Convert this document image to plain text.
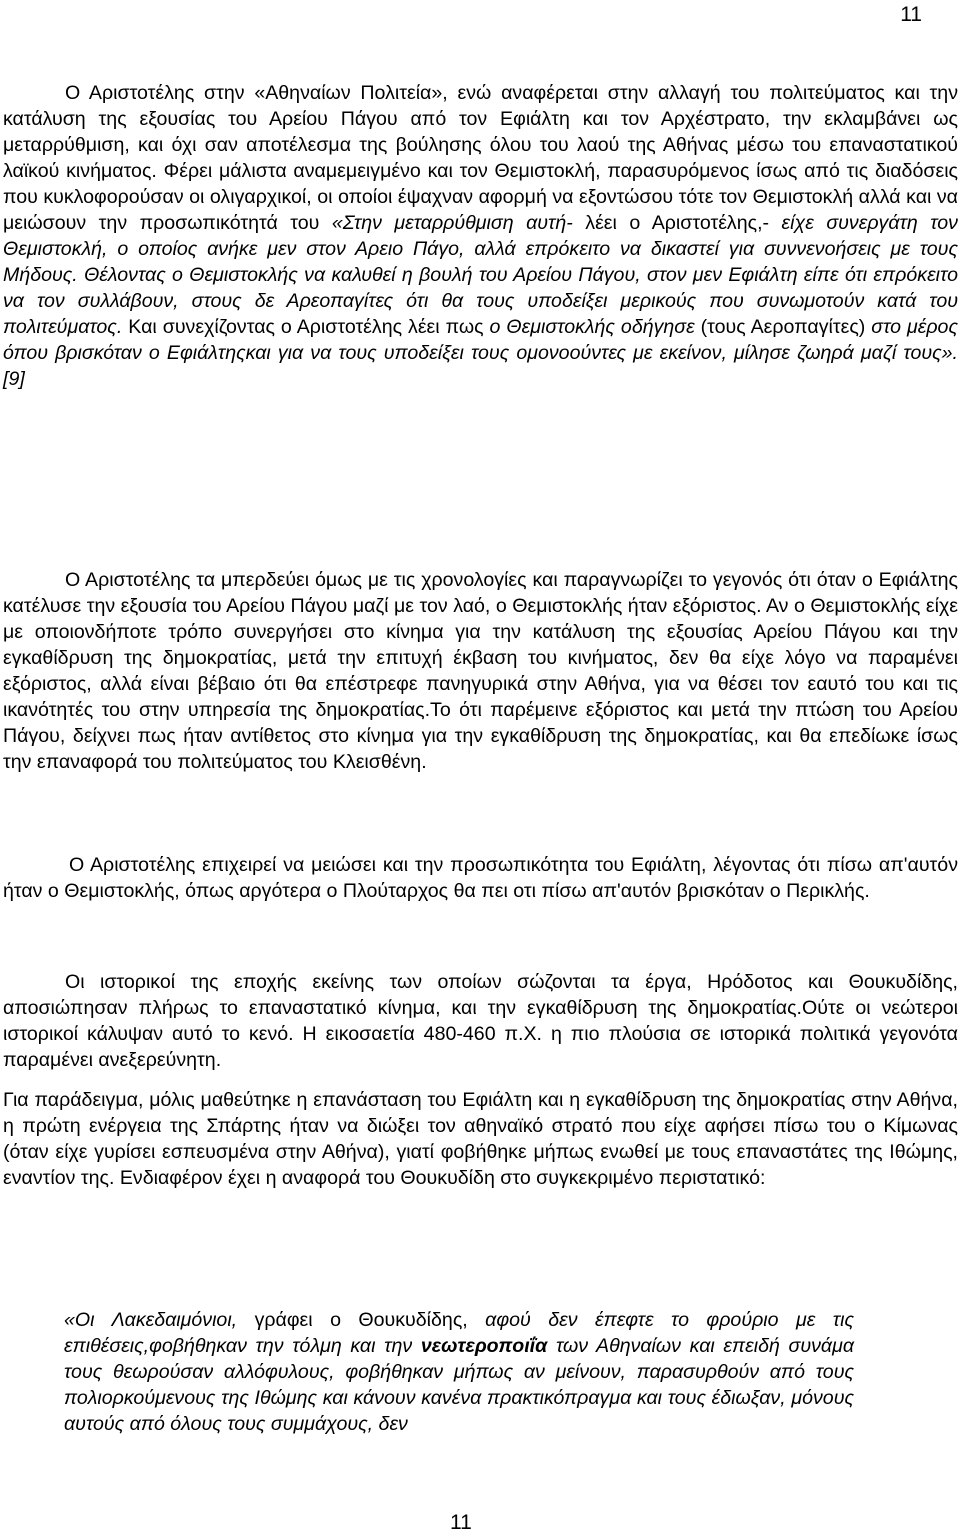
11

Ο Αριστοτέλης στην «Αθηναίων Πολιτεία», ενώ αναφέρεται στην αλλαγή του πολιτεύματος και την κατάλυση της εξουσίας του Αρείου Πάγου από τον Εφιάλτη και τον Αρχέστρατο, την εκλαμβάνει ως μεταρρύθμιση, και όχι σαν αποτέλεσμα της βούλησης όλου του λαού της Αθήνας μέσω του επαναστατικού λαϊκού κινήματος. Φέρει μάλιστα αναμεμειγμένο και τον Θεμιστοκλή, παρασυρόμενος ίσως από τις διαδόσεις που κυκλοφορούσαν οι ολιγαρχικοί, οι οποίοι έψαχναν αφορμή να εξοντώσου τότε τον Θεμιστοκλή αλλά και να μειώσουν την προσωπικότητά του «Στην μεταρρύθμιση αυτή- λέει ο Αριστοτέλης,- είχε συνεργάτη τον Θεμιστοκλή, ο οποίος ανήκε μεν στον Αρειο Πάγο, αλλά επρόκειτο να δικαστεί για συννενοήσεις με τους Μήδους. Θέλοντας ο Θεμιστοκλής να καλυθεί η βουλή του Αρείου Πάγου, στον μεν Εφιάλτη είπε ότι επρόκειτο να τον συλλάβουν, στους δε Αρεοπαγίτες ότι θα τους υποδείξει μερικούς που συνωμοτούν κατά του πολιτεύματος. Και συνεχίζοντας ο Αριστοτέλης λέει πως ο Θεμιστοκλής οδήγησε (τους Αεροπαγίτες) στο μέρος όπου βρισκόταν ο Εφιάλτηςκαι για να τους υποδείξει τους ομονοούντες με εκείνον, μίλησε ζωηρά μαζί τους». [9]

Ο Αριστοτέλης τα μπερδεύει όμως με τις χρονολογίες και παραγνωρίζει το γεγονός ότι όταν ο Εφιάλτης κατέλυσε την εξουσία του Αρείου Πάγου μαζί με τον λαό, ο Θεμιστοκλής ήταν εξόριστος. Αν ο Θεμιστοκλής είχε με οποιονδήποτε τρόπο συνεργήσει στο κίνημα για την κατάλυση της εξουσίας Αρείου Πάγου και την εγκαθίδρυση της δημοκρατίας, μετά την επιτυχή έκβαση του κινήματος, δεν θα είχε λόγο να παραμένει εξόριστος, αλλά είναι βέβαιο ότι θα επέστρεφε πανηγυρικά στην Αθήνα, για να θέσει τον εαυτό του και τις ικανότητές του στην υπηρεσία της δημοκρατίας.Το ότι παρέμεινε εξόριστος και μετά την πτώση του Αρείου Πάγου, δείχνει πως ήταν αντίθετος στο κίνημα για την εγκαθίδρυση της δημοκρατίας, και θα επεδίωκε ίσως την επαναφορά του πολιτεύματος του Κλεισθένη.

Ο Αριστοτέλης επιχειρεί να μειώσει και την προσωπικότητα του Εφιάλτη, λέγοντας ότι πίσω απ'αυτόν ήταν ο Θεμιστοκλής, όπως αργότερα ο Πλούταρχος θα πει οτι πίσω απ'αυτόν βρισκόταν ο Περικλής.

Οι ιστορικοί της εποχής εκείνης των οποίων σώζονται τα έργα, Ηρόδοτος και Θουκυδίδης, αποσιώπησαν πλήρως το επαναστατικό κίνημα, και την εγκαθίδρυση της δημοκρατίας.Ούτε οι νεώτεροι ιστορικοί κάλυψαν αυτό το κενό. Η εικοσαετία 480-460 π.Χ. η πιο πλούσια σε ιστορικά πολιτικά γεγονότα παραμένει ανεξερεύνητη.

Για παράδειγμα, μόλις μαθεύτηκε η επανάσταση του Εφιάλτη και η εγκαθίδρυση της δημοκρατίας στην Αθήνα, η πρώτη ενέργεια της Σπάρτης ήταν να διώξει τον αθηναϊκό στρατό που είχε αφήσει πίσω του ο Κίμωνας (όταν είχε γυρίσει εσπευσμένα στην Αθήνα), γιατί φοβήθηκε μήπως ενωθεί με τους επαναστάτες της Ιθώμης, εναντίον της. Ενδιαφέρον έχει η αναφορά του Θουκυδίδη στο συγκεκριμένο περιστατικό:

«Οι Λακεδαιμόνιοι, γράφει ο Θουκυδίδης, αφού δεν έπεφτε το φρούριο με τις επιθέσεις,φοβήθηκαν την τόλμη και την νεωτεροποιΐα των Αθηναίων και επειδή συνάμα τους θεωρούσαν αλλόφυλους, φοβήθηκαν μήπως αν μείνουν, παρασυρθούν από τους πολιορκούμενους της Ιθώμης και κάνουν κανένα πρακτικόπραγμα και τους έδιωξαν, μόνους αυτούς από όλους τους συμμάχους, δεν

11
